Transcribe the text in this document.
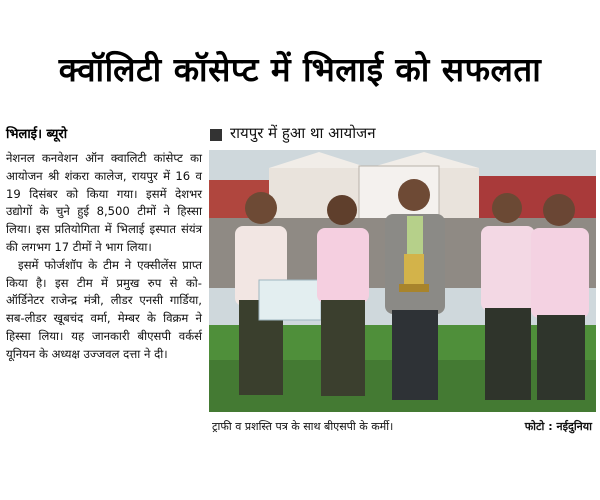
क्वॉलिटी कॉसेप्ट में भिलाई को सफलता
भिलाई। ब्यूरो

नेशनल कनवेशन ऑन क्वालिटी कांसेप्ट का आयोजन श्री शंकरा कालेज, रायपुर में 16 व 19 दिसंबर को किया गया। इसमें देशभर उद्योगों के चुने हुई 8,500 टीमों ने हिस्सा लिया। इस प्रतियोगिता में भिलाई इस्पात संयंत्र की लगभग 17 टीमों ने भाग लिया।

इसमें फोर्जशॉप के टीम ने एक्सीलेंस प्राप्त किया है। इस टीम में प्रमुख रुप से को-ऑर्डिनेटर राजेन्द्र मंत्री, लीडर एनसी गार्डिया, सब-लीडर खूबचंद वर्मा, मेम्बर के विक्रम ने हिस्सा लिया। यह जानकारी बीएसपी वर्कर्स यूनियन के अध्यक्ष उज्जवल दत्ता ने दी।

रायपुर में हुआ था आयोजन
ट्राफी व प्रशस्ति पत्र के साथ बीएसपी के कर्मी।	फोटो : नईदुनिया
